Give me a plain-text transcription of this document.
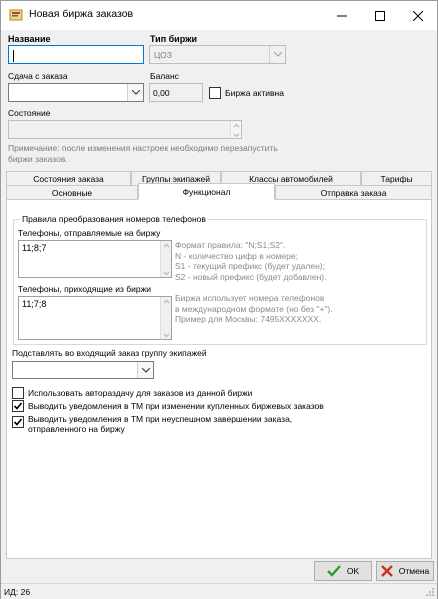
Новая биржа заказов
Название	Тип биржи
ЦОЗ
Сдача с заказа	Баланс
0,00	Биржа активна
Состояние
Примечание: после изменения настроек необходимо перезапустить биржи заказов.
Состояния заказа	Группы экипажей	Классы автомобилей	Тарифы
Основные	Функционал	Отправка заказа
Правила преобразования номеров телефонов
Телефоны, отправляемые на биржу
11;8;7	Формат правила: "N;S1;S2".
N - количество цифр в номере;
S1 - текущий префикс (будет удален);
S2 - новый префикс (будет добавлен).
Телефоны, приходящие из биржи
11;7;8
Биржа использует номера телефонов
в международном формате (но без "+").
Пример для Москвы: 7495XXXXXXX.
Подставлять во входящий заказ группу экипажей
Использовать автораздачу для заказов из данной биржи
Выводить уведомления в ТМ при изменении купленных биржевых заказов
Выводить уведомления в ТМ при неуспешном завершении заказа,
отправленного на биржу
OK	Отмена
ИД: 26
